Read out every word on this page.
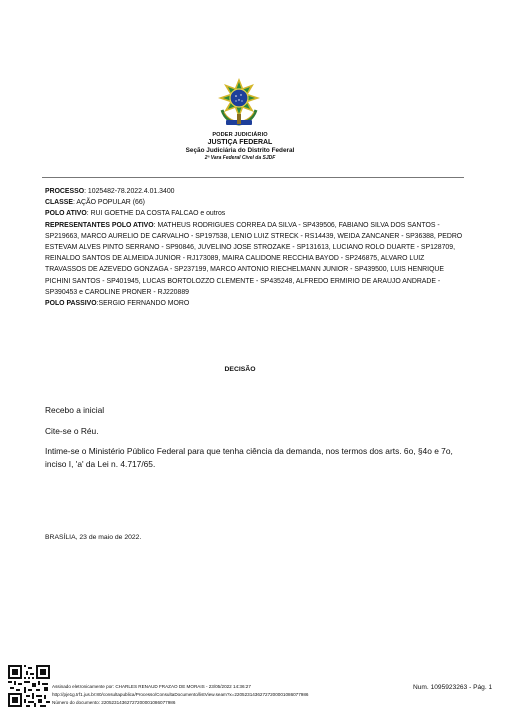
PODER JUDICIÁRIO
JUSTIÇA FEDERAL
Seção Judiciária do Distrito Federal
2ª Vara Federal Cível da SJDF
PROCESSO: 1025482-78.2022.4.01.3400
CLASSE: AÇÃO POPULAR (66)
POLO ATIVO: RUI GOETHE DA COSTA FALCAO e outros
REPRESENTANTES POLO ATIVO: MATHEUS RODRIGUES CORREA DA SILVA - SP439506, FABIANO SILVA DOS SANTOS - SP219663, MARCO AURELIO DE CARVALHO - SP197538, LENIO LUIZ STRECK - RS14439, WEIDA ZANCANER - SP36388, PEDRO ESTEVAM ALVES PINTO SERRANO - SP90846, JUVELINO JOSE STROZAKE - SP131613, LUCIANO ROLO DUARTE - SP128709, REINALDO SANTOS DE ALMEIDA JUNIOR - RJ173089, MAIRA CALIDONE RECCHIA BAYOD - SP246875, ALVARO LUIZ TRAVASSOS DE AZEVEDO GONZAGA - SP237199, MARCO ANTONIO RIECHELMANN JUNIOR - SP439500, LUIS HENRIQUE PICHINI SANTOS - SP401945, LUCAS BORTOLOZZO CLEMENTE - SP435248, ALFREDO ERMIRIO DE ARAUJO ANDRADE - SP390453 e CAROLINE PRONER - RJ220889
POLO PASSIVO:SERGIO FERNANDO MORO
DECISÃO
Recebo a inicial
Cite-se o Réu.
Intime-se o Ministério Público Federal para que tenha ciência da demanda, nos termos dos arts. 6o, §4o e 7o, inciso I, 'a' da Lei n. 4.717/65.
BRASÍLIA, 23 de maio de 2022.
Assinado eletronicamente por: CHARLES RENAUD FRAZAO DE MORAIS - 23/05/2022 14:36:27
http://pje1g.trf1.jus.br:80/consultapublica/Processo/ConsultaDocumento/listView.seam?x=22052314362727200001086077986
Número do documento: 22052314362727200001086077986
Num. 1095923263 - Pág. 1
